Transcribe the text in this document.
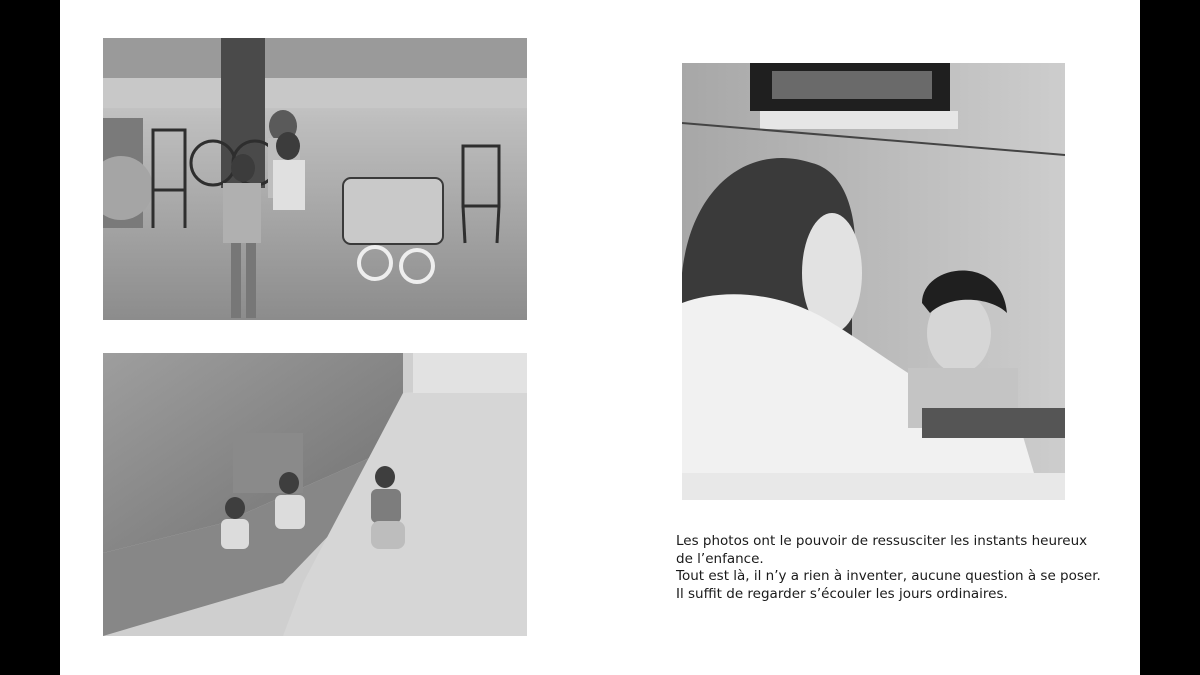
Les photos ont le pouvoir de ressusciter les instants heureux
de l’enfance.
Tout est là, il n’y a rien à inventer, aucune question à se poser.
Il suffit de regarder s’écouler les jours ordinaires.
